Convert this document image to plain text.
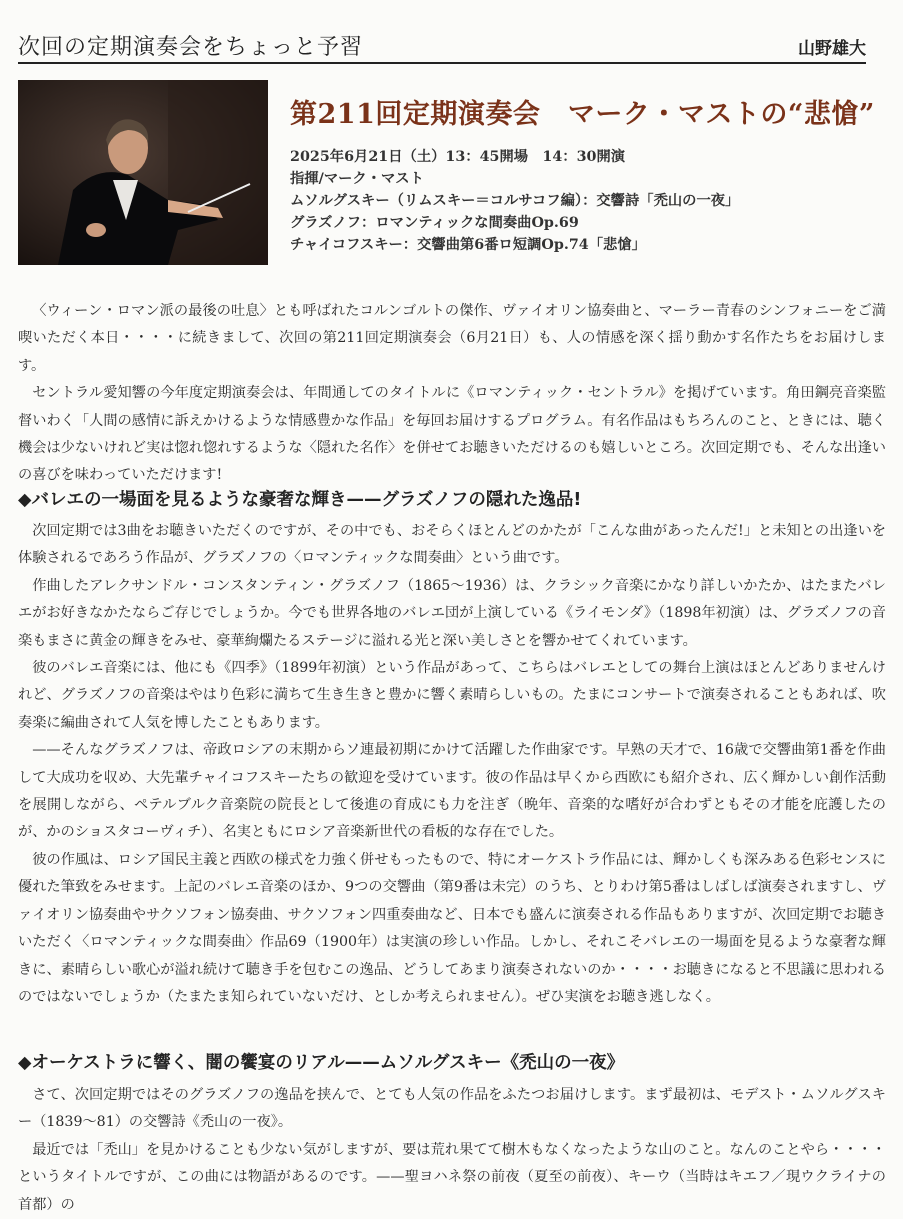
次回の定期演奏会をちょっと予習	山野雄大
第211回定期演奏会　マーク・マストの“悲愴”
2025年6月21日（土）13：45開場　14：30開演
指揮/マーク・マスト
ムソルグスキー（リムスキー＝コルサコフ編）：交響詩「禿山の一夜」
グラズノフ：ロマンティックな間奏曲Op.69
チャイコフスキー：交響曲第6番ロ短調Op.74「悲愴」

〈ウィーン・ロマン派の最後の吐息〉とも呼ばれたコルンゴルトの傑作、ヴァイオリン協奏曲と、マーラー青春のシンフォニーをご満喫いただく本日・・・・に続きまして、次回の第211回定期演奏会（6月21日）も、人の情感を深く揺り動かす名作たちをお届けします。

セントラル愛知響の今年度定期演奏会は、年間通してのタイトルに《ロマンティック・セントラル》を掲げています。角田鋼亮音楽監督いわく「人間の感情に訴えかけるような情感豊かな作品」を毎回お届けするプログラム。有名作品はもちろんのこと、ときには、聴く機会は少ないけれど実は惚れ惚れするような〈隠れた名作〉を併せてお聴きいただけるのも嬉しいところ。次回定期でも、そんな出逢いの喜びを味わっていただけます!

◆バレエの一場面を見るような豪奢な輝き——グラズノフの隠れた逸品!

次回定期では3曲をお聴きいただくのですが、その中でも、おそらくほとんどのかたが「こんな曲があったんだ!」と未知との出逢いを体験されるであろう作品が、グラズノフの〈ロマンティックな間奏曲〉という曲です。

作曲したアレクサンドル・コンスタンティン・グラズノフ（1865〜1936）は、クラシック音楽にかなり詳しいかたか、はたまたバレエがお好きなかたならご存じでしょうか。今でも世界各地のバレエ団が上演している《ライモンダ》（1898年初演）は、グラズノフの音楽もまさに黄金の輝きをみせ、豪華絢爛たるステージに溢れる光と深い美しさとを響かせてくれています。

彼のバレエ音楽には、他にも《四季》（1899年初演）という作品があって、こちらはバレエとしての舞台上演はほとんどありませんけれど、グラズノフの音楽はやはり色彩に満ちて生き生きと豊かに響く素晴らしいもの。たまにコンサートで演奏されることもあれば、吹奏楽に編曲されて人気を博したこともあります。

——そんなグラズノフは、帝政ロシアの末期からソ連最初期にかけて活躍した作曲家です。早熟の天才で、16歳で交響曲第1番を作曲して大成功を収め、大先輩チャイコフスキーたちの歓迎を受けています。彼の作品は早くから西欧にも紹介され、広く輝かしい創作活動を展開しながら、ペテルブルク音楽院の院長として後進の育成にも力を注ぎ（晩年、音楽的な嗜好が合わずともその才能を庇護したのが、かのショスタコーヴィチ）、名実ともにロシア音楽新世代の看板的な存在でした。

彼の作風は、ロシア国民主義と西欧の様式を力強く併せもったもので、特にオーケストラ作品には、輝かしくも深みある色彩センスに優れた筆致をみせます。上記のバレエ音楽のほか、9つの交響曲（第9番は未完）のうち、とりわけ第5番はしばしば演奏されますし、ヴァイオリン協奏曲やサクソフォン協奏曲、サクソフォン四重奏曲など、日本でも盛んに演奏される作品もありますが、次回定期でお聴きいただく〈ロマンティックな間奏曲〉作品69（1900年）は実演の珍しい作品。しかし、それこそバレエの一場面を見るような豪奢な輝きに、素晴らしい歌心が溢れ続けて聴き手を包むこの逸品、どうしてあまり演奏されないのか・・・・お聴きになると不思議に思われるのではないでしょうか（たまたま知られていないだけ、としか考えられません）。ぜひ実演をお聴き逃しなく。

◆オーケストラに響く、闇の饗宴のリアル——ムソルグスキー《禿山の一夜》

さて、次回定期ではそのグラズノフの逸品を挟んで、とても人気の作品をふたつお届けします。まず最初は、モデスト・ムソルグスキー（1839〜81）の交響詩《禿山の一夜》。

最近では「禿山」を見かけることも少ない気がしますが、要は荒れ果てて樹木もなくなったような山のこと。なんのことやら・・・・というタイトルですが、この曲には物語があるのです。——聖ヨハネ祭の前夜（夏至の前夜）、キーウ（当時はキエフ／現ウクライナの首都）の
